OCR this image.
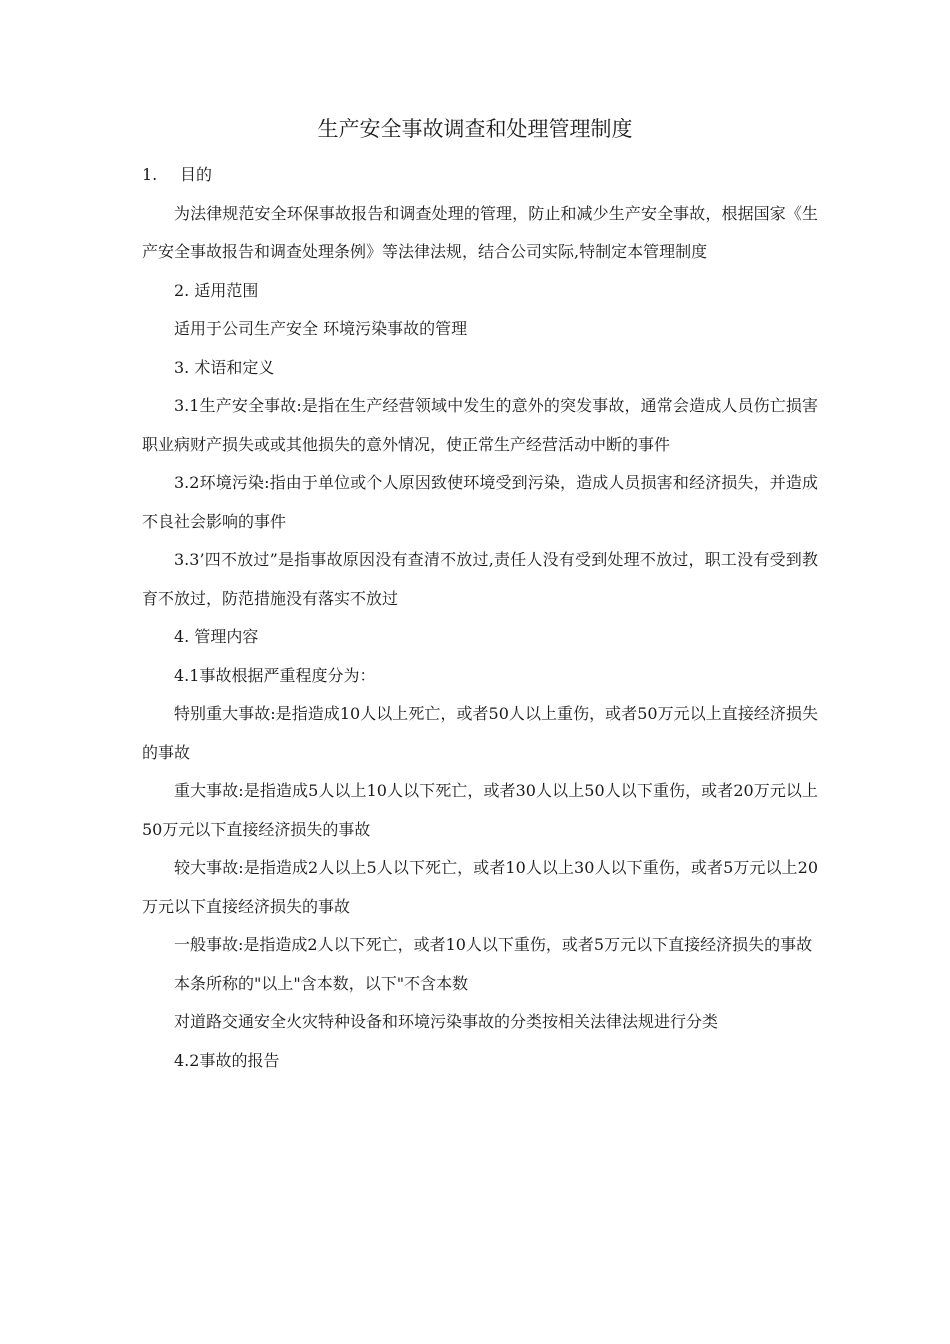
生产安全事故调查和处理管理制度

1. 目的

为法律规范安全环保事故报告和调查处理的管理，防止和减少生产安全事故，根据国家《生产安全事故报告和调查处理条例》等法律法规，结合公司实际,特制定本管理制度

2. 适用范围

适用于公司生产安全 环境污染事故的管理

3. 术语和定义

3.1生产安全事故:是指在生产经营领域中发生的意外的突发事故，通常会造成人员伤亡损害职业病财产损失或或其他损失的意外情况，使正常生产经营活动中断的事件

3.2环境污染:指由于单位或个人原因致使环境受到污染，造成人员损害和经济损失，并造成不良社会影响的事件

3.3’四不放过”是指事故原因没有查清不放过,责任人没有受到处理不放过，职工没有受到教育不放过，防范措施没有落实不放过

4. 管理内容

4.1事故根据严重程度分为：

特别重大事故:是指造成10人以上死亡，或者50人以上重伤，或者50万元以上直接经济损失的事故

重大事故:是指造成5人以上10人以下死亡，或者30人以上50人以下重伤，或者20万元以上50万元以下直接经济损失的事故

较大事故:是指造成2人以上5人以下死亡，或者10人以上30人以下重伤，或者5万元以上20万元以下直接经济损失的事故

一般事故:是指造成2人以下死亡，或者10人以下重伤，或者5万元以下直接经济损失的事故

本条所称的"以上"含本数，以下"不含本数

对道路交通安全火灾特种设备和环境污染事故的分类按相关法律法规进行分类

4.2事故的报告
